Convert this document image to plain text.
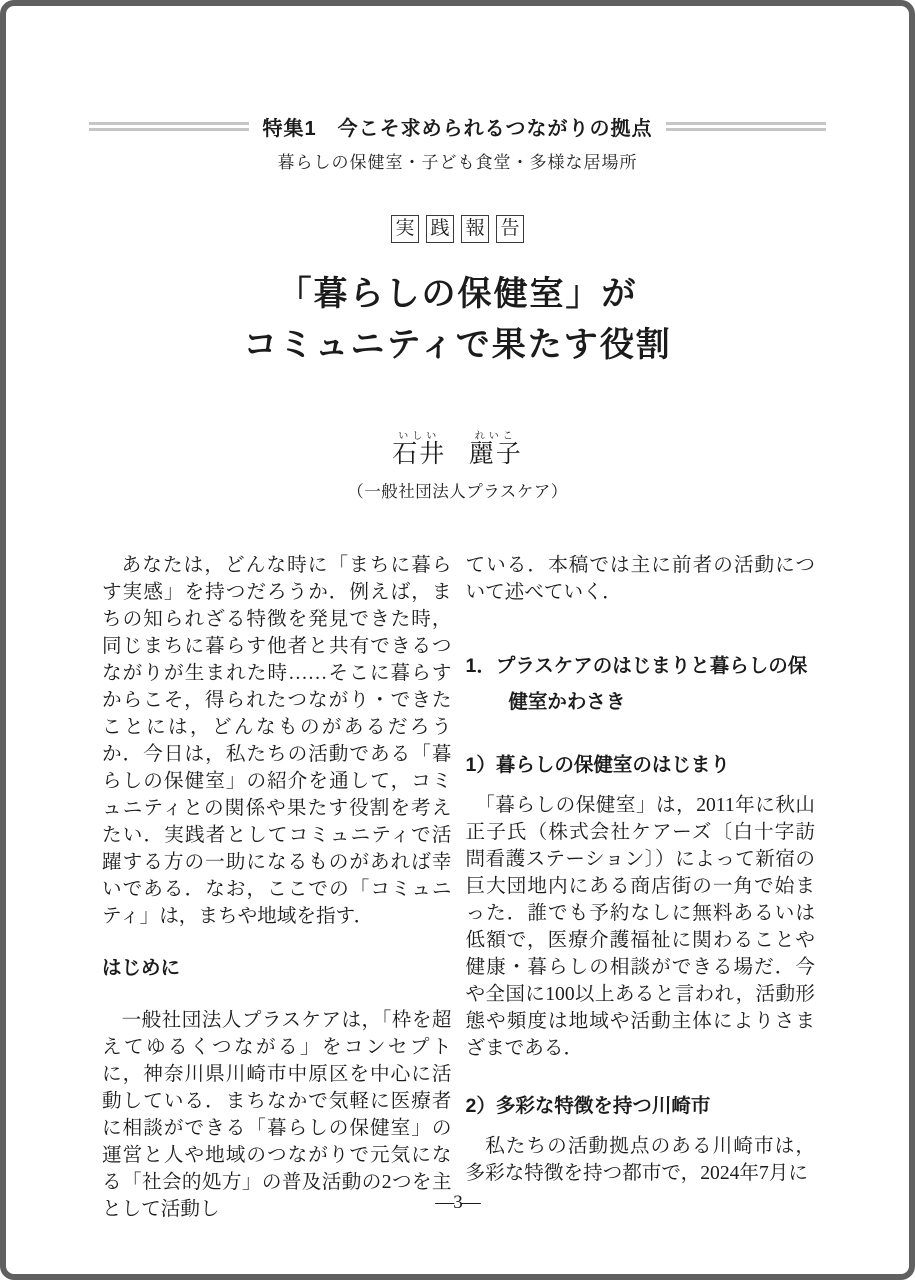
特集1　今こそ求められるつながりの拠点
暮らしの保健室・子ども食堂・多様な居場所
実 践 報 告
「暮らしの保健室」が
コミュニティで果たす役割
石井いしい麗子れいこ
（一般社団法人プラスケア）

あなたは，どんな時に「まちに暮らす実感」を持つだろうか．例えば，まちの知られざる特徴を発見できた時，同じまちに暮らす他者と共有できるつながりが生まれた時……そこに暮らすからこそ，得られたつながり・できたことには，どんなものがあるだろうか．今日は，私たちの活動である「暮らしの保健室」の紹介を通して，コミュニティとの関係や果たす役割を考えたい．実践者としてコミュニティで活躍する方の一助になるものがあれば幸いである．なお，ここでの「コミュニティ」は，まちや地域を指す．

はじめに

一般社団法人プラスケアは，「枠を超えてゆるくつながる」をコンセプトに，神奈川県川崎市中原区を中心に活動している．まちなかで気軽に医療者に相談ができる「暮らしの保健室」の運営と人や地域のつながりで元気になる「社会的処方」の普及活動の2つを主として活動し

ている．本稿では主に前者の活動について述べていく．

1．プラスケアのはじまりと暮らしの保健室かわさき
1）暮らしの保健室のはじまり

「暮らしの保健室」は，2011年に秋山正子氏（株式会社ケアーズ〔白十字訪問看護ステーション〕）によって新宿の巨大団地内にある商店街の一角で始まった．誰でも予約なしに無料あるいは低額で，医療介護福祉に関わることや健康・暮らしの相談ができる場だ．今や全国に100以上あると言われ，活動形態や頻度は地域や活動主体によりさまざまである．

2）多彩な特徴を持つ川崎市

私たちの活動拠点のある川崎市は，多彩な特徴を持つ都市で，2024年7月に

―3―
